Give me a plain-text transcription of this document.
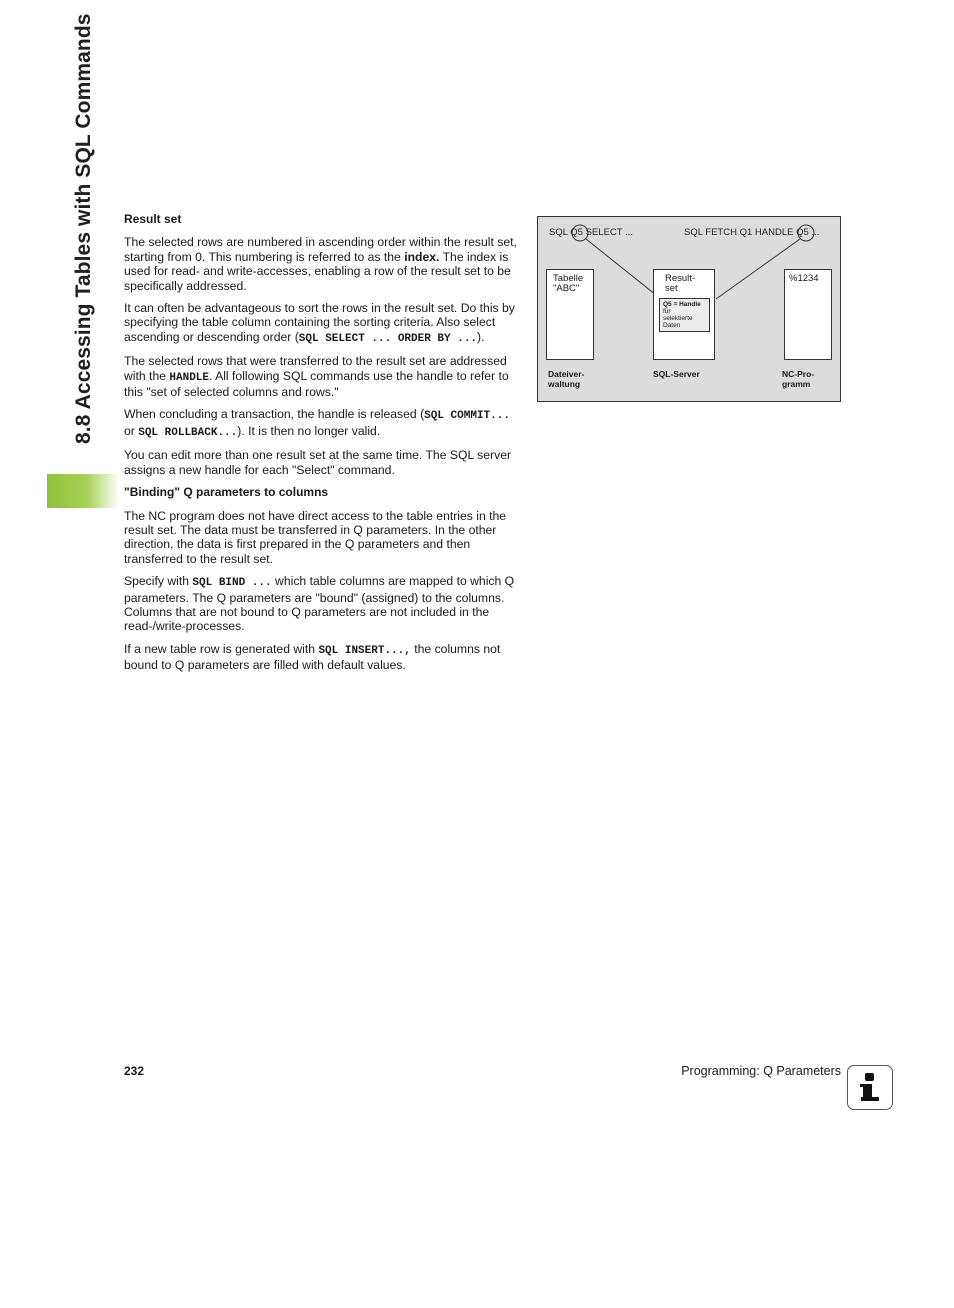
8.8 Accessing Tables with SQL Commands Result set

The selected rows are numbered in ascending order within the result set, starting from 0. This numbering is referred to as the index. The index is used for read- and write-accesses, enabling a row of the result set to be specifically addressed.

It can often be advantageous to sort the rows in the result set. Do this by specifying the table column containing the sorting criteria. Also select ascending or descending order (SQL SELECT ... ORDER BY ...).

The selected rows that were transferred to the result set are addressed with the HANDLE. All following SQL commands use the handle to refer to this "set of selected columns and rows."

When concluding a transaction, the handle is released (SQL COMMIT... or SQL ROLLBACK...). It is then no longer valid.

You can edit more than one result set at the same time. The SQL server assigns a new handle for each "Select" command.

"Binding" Q parameters to columns

The NC program does not have direct access to the table entries in the result set. The data must be transferred in Q parameters. In the other direction, the data is first prepared in the Q parameters and then transferred to the result set.

Specify with SQL BIND ... which table columns are mapped to which Q parameters. The Q parameters are "bound" (assigned) to the columns. Columns that are not bound to Q parameters are not included in the read-/write-processes.

If a new table row is generated with SQL INSERT..., the columns not bound to Q parameters are filled with default values.

SQL Q5 SELECT ...	SQL FETCH Q1 HANDLE Q5 ...
Tabelle
"ABC"
Result-
set
Q5 = Handle
für
selektierte
Daten
%1234
Dateiver-
waltung
SQL-Server	NC-Pro-
gramm
232	Programming: Q Parameters
